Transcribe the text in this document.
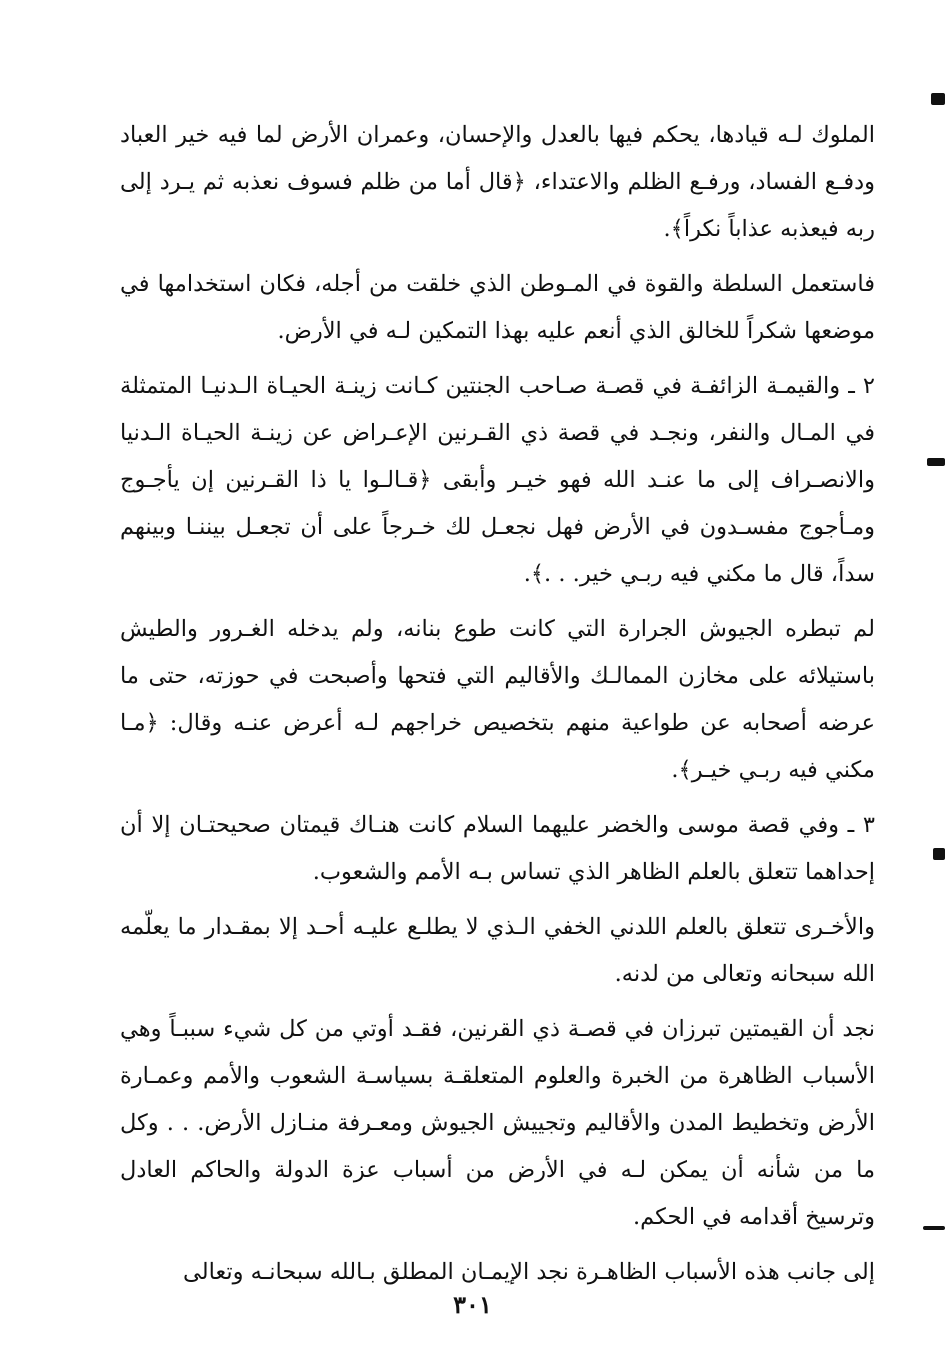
الملوك لـه قيادها، يحكم فيها بالعدل والإحسان، وعمران الأرض لما فيه خير العباد ودفـع الفساد، ورفـع الظلم والاعتداء، ﴿قال أما من ظلم فسوف نعذبه ثم يـرد إلى ربه فيعذبه عذاباً نكراً﴾.

فاستعمل السلطة والقوة في المـوطن الذي خلقت من أجله، فكان استخدامها في موضعها شكراً للخالق الذي أنعم عليه بهذا التمكين لـه في الأرض.

٢ ـ والقيمـة الزائفـة في قصـة صـاحب الجنتين كـانت زينـة الحيـاة الـدنيـا المتمثلة في المـال والنفر، ونجـد في قصة ذي القـرنين الإعـراض عن زينـة الحيـاة الـدنيا والانصـراف إلى ما عنـد الله فهو خيـر وأبقى ﴿قـالـوا يا ذا القـرنين إن يأجـوج ومـأجوج مفسـدون في الأرض فهل نجعـل لك خـرجاً على أن تجعـل بيننـا وبينهم سداً، قال ما مكني فيه ربـي خير. . .﴾.

لم تبطره الجيوش الجرارة التي كانت طوع بنانه، ولم يدخله الغـرور والطيش باستيلائه على مخازن الممالـك والأقاليم التي فتحها وأصبحت في حوزته، حتى ما عرضه أصحابه عن طواعية منهم بتخصيص خراجهم لـه أعرض عنـه وقال: ﴿مـا مكني فيه ربـي خيـر﴾.

٣ ـ وفي قصة موسى والخضر عليهما السلام كانت هنـاك قيمتان صحيحتـان إلا أن إحداهما تتعلق بالعلم الظاهر الذي تساس بـه الأمم والشعوب.

والأخـرى تتعلق بالعلم اللدني الخفي الـذي لا يطلـع عليـه أحـد إلا بمقـدار ما يعلّمه الله سبحانه وتعالى من لدنه.

نجد أن القيمتين تبرزان في قصـة ذي القرنين، فقـد أوتي من كل شيء سببـاً وهي الأسباب الظاهرة من الخبرة والعلوم المتعلقـة بسياسـة الشعوب والأمم وعمـارة الأرض وتخطيط المدن والأقاليم وتجييش الجيوش ومعـرفة منـازل الأرض. . . وكل ما من شأنه أن يمكن لـه في الأرض من أسباب عزة الدولة والحاكم العادل وترسيخ أقدامه في الحكم.

إلى جانب هذه الأسباب الظاهـرة نجد الإيمـان المطلق بـالله سبحانـه وتعالى

٣٠١
